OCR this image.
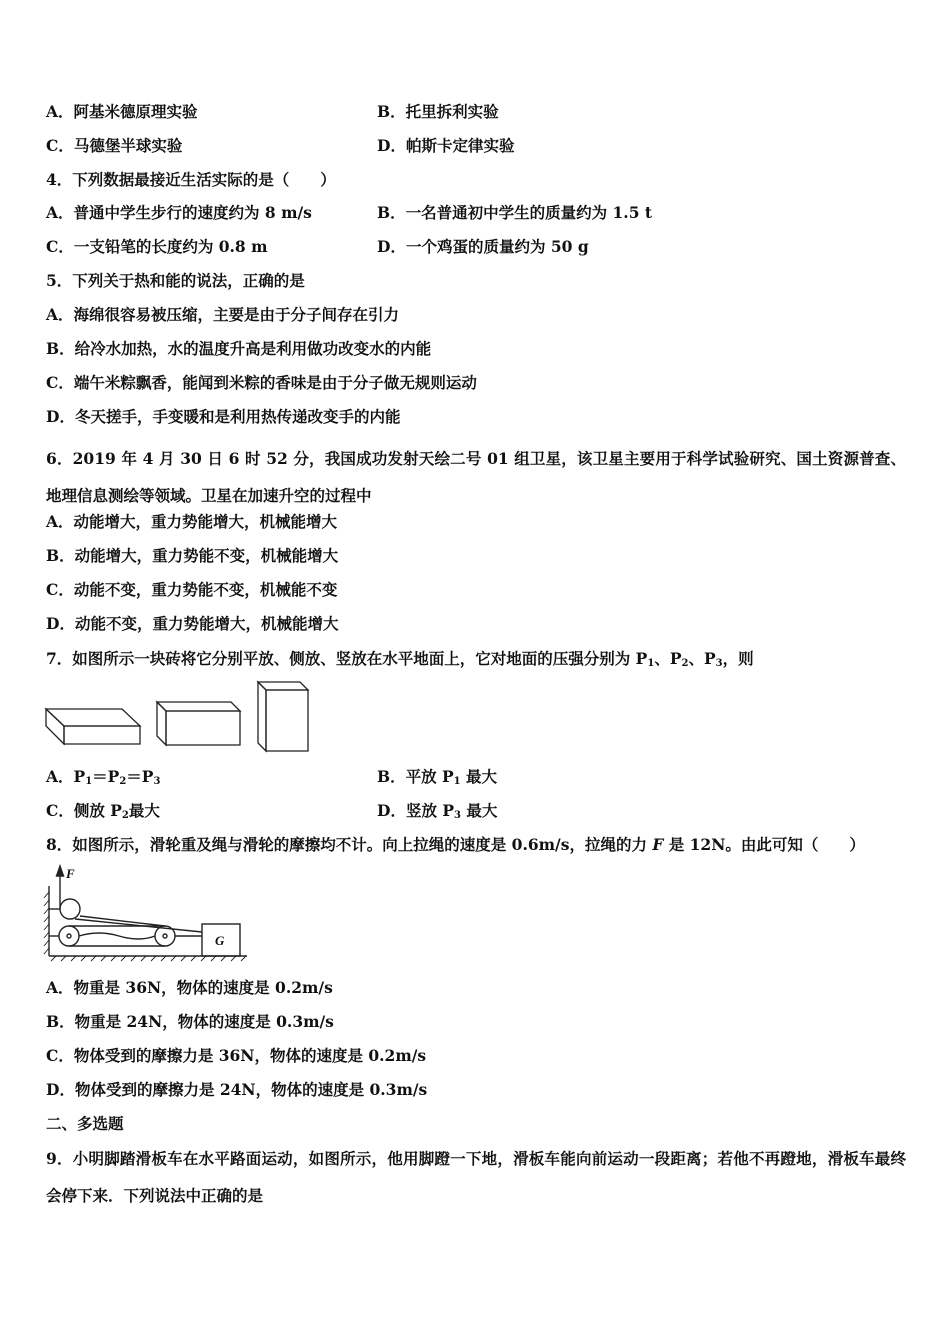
A．阿基米德原理实验	B．托里拆利实验
C．马德堡半球实验	D．帕斯卡定律实验
4．下列数据最接近生活实际的是（　　）
A．普通中学生步行的速度约为 8 m/s	B．一名普通初中学生的质量约为 1.5 t
C．一支铅笔的长度约为 0.8 m	D．一个鸡蛋的质量约为 50 g
5．下列关于热和能的说法，正确的是
A．海绵很容易被压缩，主要是由于分子间存在引力
B．给冷水加热，水的温度升高是利用做功改变水的内能
C．端午米粽飘香，能闻到米粽的香味是由于分子做无规则运动
D．冬天搓手，手变暖和是利用热传递改变手的内能
6．2019 年 4 月 30 日 6 时 52 分，我国成功发射天绘二号 01 组卫星，该卫星主要用于科学试验研究、国土资源普查、地理信息测绘等领域。卫星在加速升空的过程中
A．动能增大，重力势能增大，机械能增大
B．动能增大，重力势能不变，机械能增大
C．动能不变，重力势能不变，机械能不变
D．动能不变，重力势能增大，机械能增大
7．如图所示一块砖将它分别平放、侧放、竖放在水平地面上，它对地面的压强分别为 $P_1$、$P_2$、$P_3$，则
A．$P_1=P_2=P_3$	B．平放 $P_1$ 最大
C．侧放 $P_2$最大	D．竖放 $P_3$ 最大
8．如图所示，滑轮重及绳与滑轮的摩擦均不计。向上拉绳的速度是 0.6m/s，拉绳的力 F 是 12N。由此可知（　　）
F
G
A．物重是 36N，物体的速度是 0.2m/s
B．物重是 24N，物体的速度是 0.3m/s
C．物体受到的摩擦力是 36N，物体的速度是 0.2m/s
D．物体受到的摩擦力是 24N，物体的速度是 0.3m/s
二、多选题
9．小明脚踏滑板车在水平路面运动，如图所示，他用脚蹬一下地，滑板车能向前运动一段距离；若他不再蹬地，滑板车最终会停下来．下列说法中正确的是
